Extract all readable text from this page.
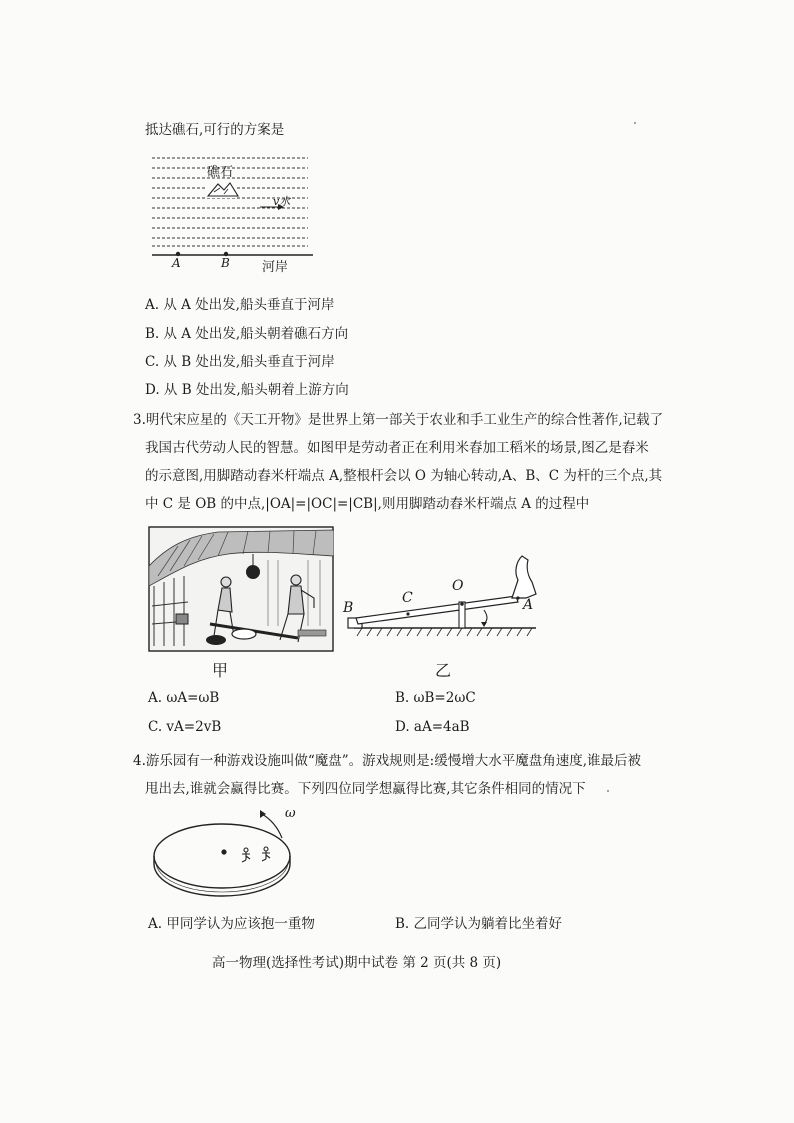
抵达礁石,可行的方案是
礁石
v水
A	B 河岸
A. 从 A 处出发,船头垂直于河岸
B. 从 A 处出发,船头朝着礁石方向
C. 从 B 处出发,船头垂直于河岸
D. 从 B 处出发,船头朝着上游方向
3.明代宋应星的《天工开物》是世界上第一部关于农业和手工业生产的综合性著作,记载了
我国古代劳动人民的智慧。如图甲是劳动者正在利用米舂加工稻米的场景,图乙是舂米
的示意图,用脚踏动舂米杆端点 A,整根杆会以 O 为轴心转动,A、B、C 为杆的三个点,其
中 C 是 OB 的中点,|OA|=|OC|=|CB|,则用脚踏动舂米杆端点 A 的过程中
B
C
O
A
甲	乙
A. ωA=ωB	B. ωB=2ωC
C. vA=2vB	D. aA=4aB
4.游乐园有一种游戏设施叫做“魔盘”。游戏规则是:缓慢增大水平魔盘角速度,谁最后被
甩出去,谁就会赢得比赛。下列四位同学想赢得比赛,其它条件相同的情况下
ω
A. 甲同学认为应该抱一重物	B. 乙同学认为躺着比坐着好
高一物理(选择性考试)期中试卷 第 2 页(共 8 页)
